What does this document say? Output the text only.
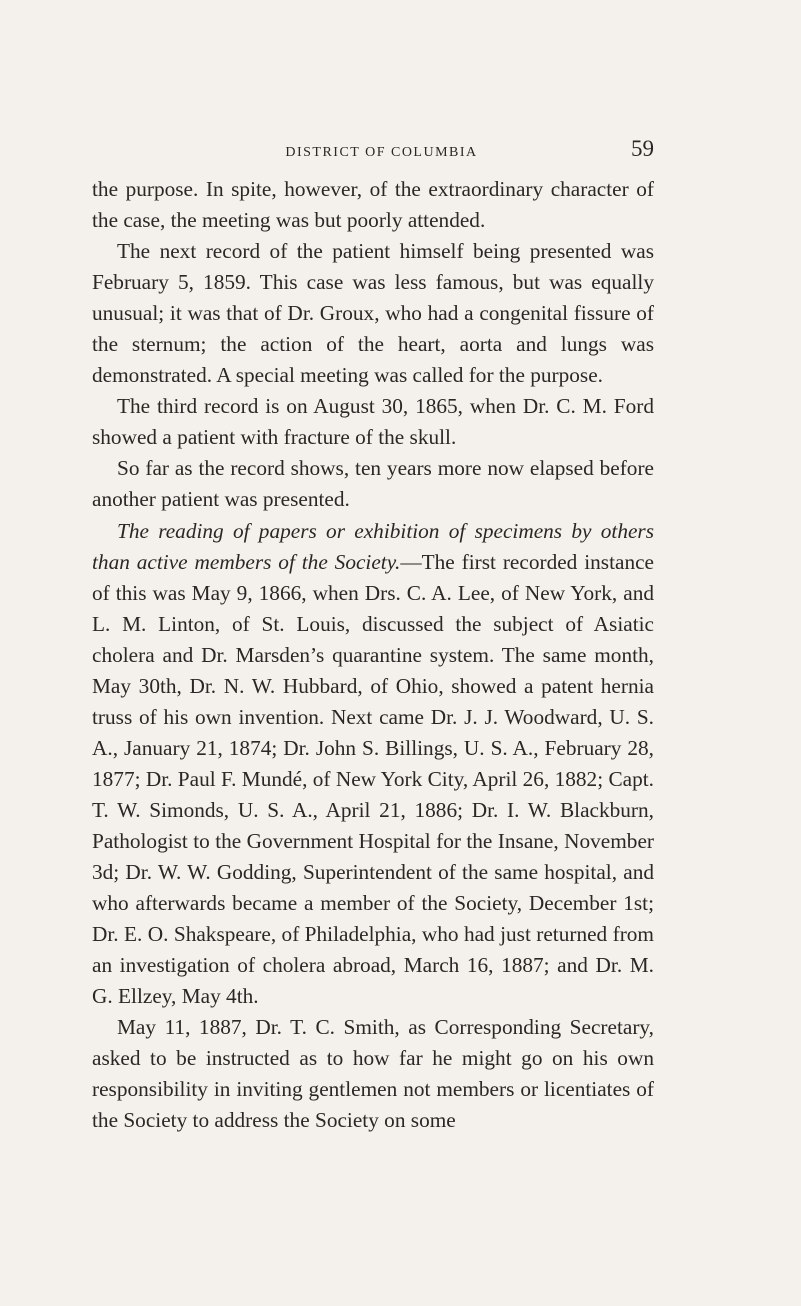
DISTRICT OF COLUMBIA	59

the purpose. In spite, however, of the extraordinary character of the case, the meeting was but poorly attended.

The next record of the patient himself being presented was February 5, 1859. This case was less famous, but was equally unusual; it was that of Dr. Groux, who had a congenital fissure of the sternum; the action of the heart, aorta and lungs was demonstrated. A special meeting was called for the purpose.

The third record is on August 30, 1865, when Dr. C. M. Ford showed a patient with fracture of the skull.

So far as the record shows, ten years more now elapsed before another patient was presented.

The reading of papers or exhibition of specimens by others than active members of the Society.—The first recorded instance of this was May 9, 1866, when Drs. C. A. Lee, of New York, and L. M. Linton, of St. Louis, discussed the subject of Asiatic cholera and Dr. Marsden’s quarantine system. The same month, May 30th, Dr. N. W. Hubbard, of Ohio, showed a patent hernia truss of his own invention. Next came Dr. J. J. Woodward, U. S. A., January 21, 1874; Dr. John S. Billings, U. S. A., February 28, 1877; Dr. Paul F. Mundé, of New York City, April 26, 1882; Capt. T. W. Simonds, U. S. A., April 21, 1886; Dr. I. W. Blackburn, Pathologist to the Government Hospital for the Insane, November 3d; Dr. W. W. Godding, Superintendent of the same hospital, and who afterwards became a member of the Society, December 1st; Dr. E. O. Shakspeare, of Philadelphia, who had just returned from an investigation of cholera abroad, March 16, 1887; and Dr. M. G. Ellzey, May 4th.

May 11, 1887, Dr. T. C. Smith, as Corresponding Secretary, asked to be instructed as to how far he might go on his own responsibility in inviting gentlemen not members or licentiates of the Society to address the Society on some
